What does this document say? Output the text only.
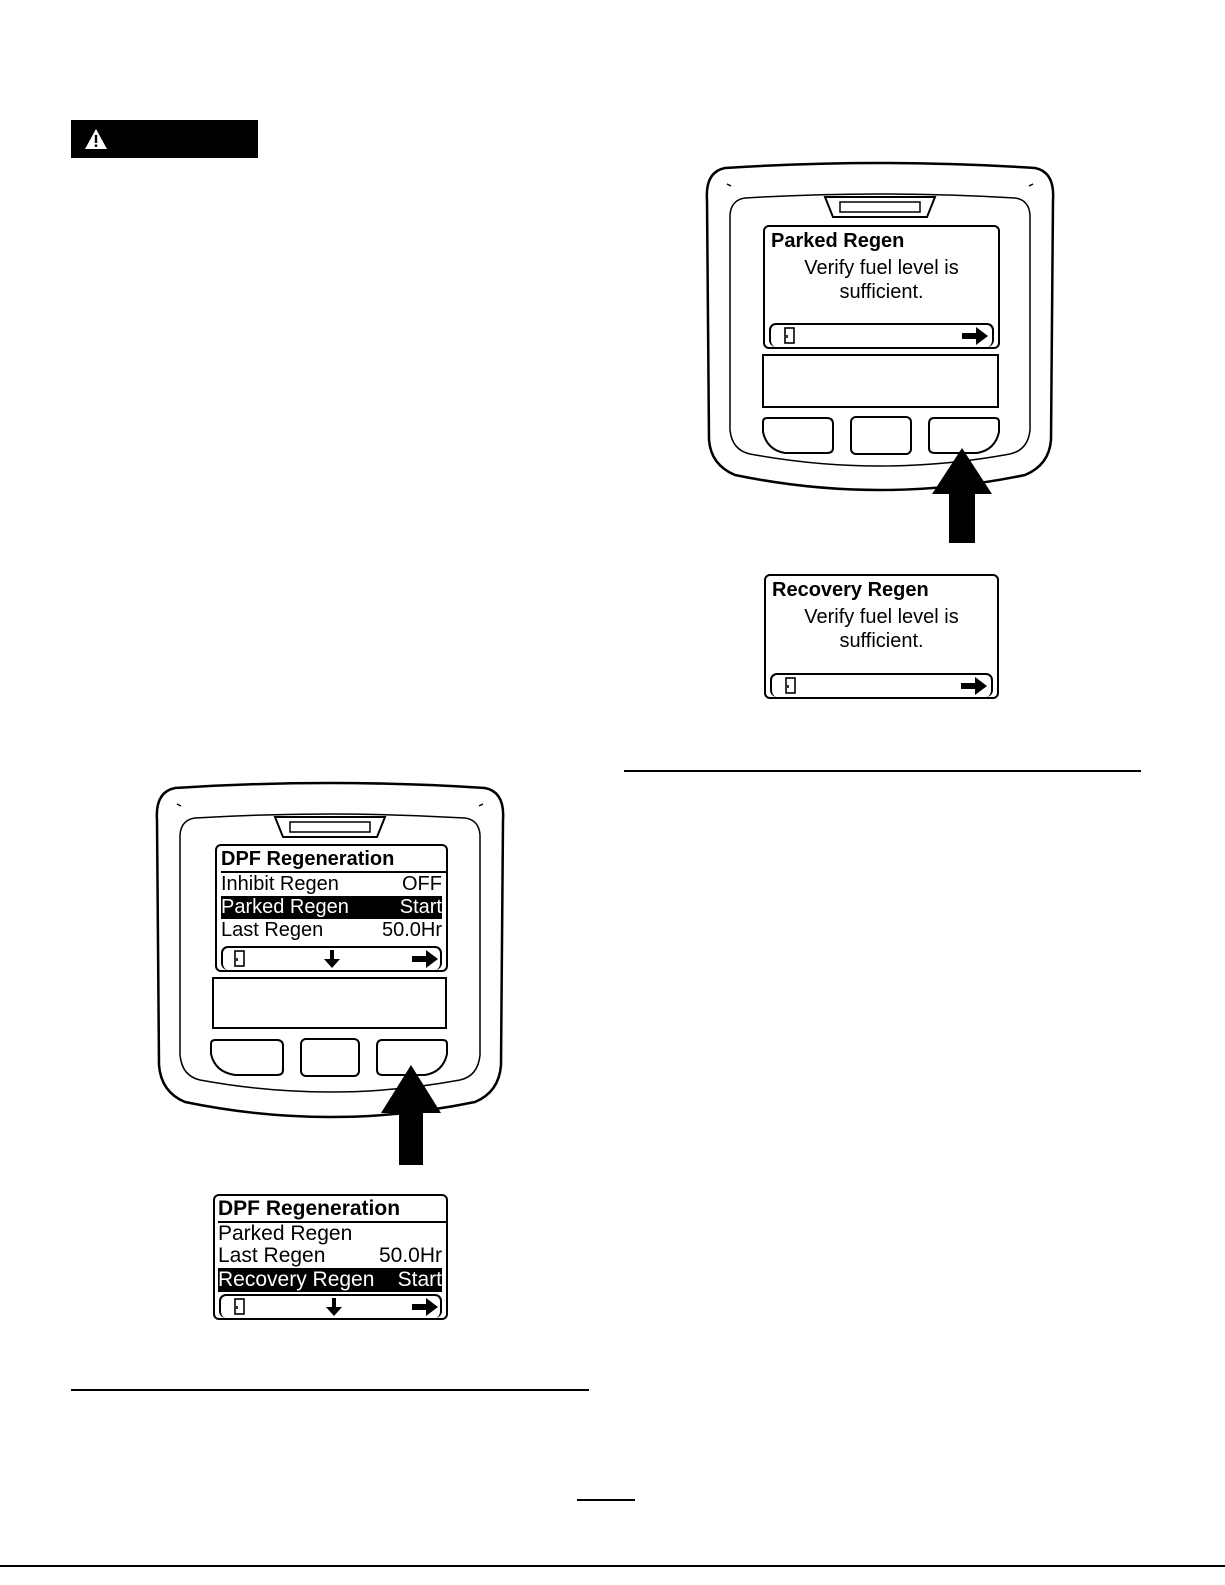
Parked Regen
Verify fuel level is
sufficient.
Recovery Regen
Verify fuel level is
sufficient.
DPF Regeneration
Inhibit Regen	OFF
Parked Regen	Start
Last Regen	50.0Hr
DPF Regeneration
Parked Regen
Last Regen	50.0Hr
Recovery Regen Start
